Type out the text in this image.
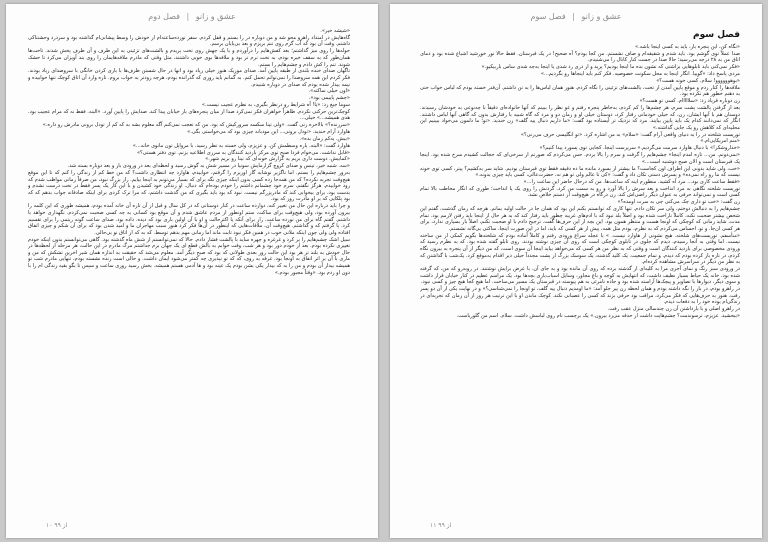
عشق و زانو | فصل دوم

«شیشه خیر».

گاه‌هایش در امتداد راهرو محو شد و من دوباره در را بستم و قفل کردم. سفر نوزده‌ساعته‌ام از خودش را وسط پیشانی‌ام گذاشته بود و سردرد وحشتناکی داشتم. وقت آن بود که آب گرم روی تنم بریزم و بعد بی‌پایان برسم.

حوله‌ها را روی میز گذاشتم؛ بعد کفش‌هایم را درآوردم و با یک جهش روی تخت پریدم و بالشت‌های تزئینی به این طرف و آن طرف پخش شدند. تاخت‌ها همان‌طور که به سقف خیره بودم، به تخت نرم تر بود و ملافه‌ها بوی خوبی داشتند، مثل وقتی که مادرم ملافه‌هایمان را روی بند آویزان می‌کرد تا خشک شوند. تنم را کش دادم و چشم‌هایم را بستم.

تاگهان صدای خنده بلندی از طبقه پایین آمد. صدای موزیک هنوز خیلی زیاد بود و انها در حال شستن ظرف‌ها با بازی کردن خانگی با سروصدای زیاد بودند. فکر کردم این همه سروصدا را نمی‌توانم تحمل کنم. به گمانم باید روزی که گذرانده بودم، هرچه زودتر به خواب بروم. تازه وارد آن اتاق کوچک تنها خوابیده و نیمه بیدار شده بودم که صدای در دوباره شنیدم.

«اون خیلی ساکته».

«چشم پاییمی بود».

سوما جیغ زد: «یا! آه شرایط رو درنظر بگیری، به نظرم عجیب نیست.»

کوچک‌ترین حرکتی نکردم. ظاهراً خواهران فکر نمی‌کرد صدا از میان پنجره‌های باز خیابان پیدا کند. صدایش را پایین آورد. «البته. فقط نه که مرام عجیب بود. هدی همیشه...» خیلی...

«سرزنده؟» بالاخره زنی گفت. «ولی تینا سکسه سرورکیش که بود. من که تعجب نمی‌کنم آگه معلوم بشه به که کم از تودل برونی مادرش رو داره.»

هاوارد آرام خندید. «تودل برونی... این مودبانه چیزی بود که می‌خواستی بگی.»

«ببش. یه‌کم زمان بده».

هاوارد گفت: «البته. پاره وسطمش کن. و عزیزم، ولی خسته به نظر رسید. با مرواپل تون مانوی خانه...»

«قابل نداشت. می‌خوام فردا صبح توی مرکز بازدید کنندگان به سرزی اطلاعیه بزنم. توی دفتر هستی؟»

«کمابیش. دوست داری بریم یه گزارش خونه‌ای که نینا رو بریم شهر.»

«سه. شنبه خیر، تینس و صدای کروچ گزارمایش سونیا در مسیر شش به گوش رسید و لحظه‌ای بعد در ورودی باز و بعد دوباره بسته شد.

به‌زور چشم‌هایم را بستم. اما ناگزیر نوشابه گاز اوزیرم را گرفتم، خوابیدم، هاوارد چه انتظاری داشت؟ که من خط کم از زندگی را کنم که تا این موقع هیچ‌وقت تجربه نکرده؟ که من همه‌جا زده کسی بدون اینکه چیزی نگه برای که بسیار می‌تونم به اینجا بیایم. راز بزرگ نبود، من صرفاً زمانی مواظب شدم که زود خوابیدم. هرگز نگفتم، سرم خود چشمانم داشتم را خودم بوده‌ام که دنبال. او زندگی خود کشیدن و با این کار یک پسر فقط در تخت درست نشدم و بدست بود، برای بیخوابی کند که مادریزرگم نیست. نبود که بود باید بگیری که من گذشت داشتم، که مرا ترک کردی برای اینکه صادقانه جواب بدهم که که بود پلکایی که بر او مادرت روز که بود.

و چرا باید درباره این حال من تغییر کنه، دوازده ساعت در کنار دوستانی که در کل سال و قبل از آن تازه آن خانه آمده بودم، همیشه طوری که این کلمه را بیرون آورده بود، ولی هیچ‌وقت برای ساکت، ستم اونطور از مردم عاشق شدم و آن موقع بود کسانی به چه کسی صحبت نمی‌کردم. نگهداری خواهد با داشتم. گفتم گاه برای من نوزده ساعت. راز برای آنکه یا اکثرحالت و او با آن اولین باری بود که دیده. داده بود. صدای ساعت گونه ریتمی را برای تقسیم کرد. پا گرفتم که و گذاشتم. هیچ‌وقت آن، ملاقات‌هایی که اینطور در آن‌ها فکر کرد هنوز سبب مهاجران ما و امید شدن بود که برای آن شکم و چیزی اتفاق افتاده ولی ولی چون اینکه ملانی خوب در همین فکر نبود ثابت ماند اما زمانی مهم بدهم توسط. که به که از اتاق نو بی‌حالی.

سیل اشک چشم‌هایم را پر کرد و غرغره و چهره ساید با پالشت فشار دادم. حالا که نمی‌توانستم از شش ماه گذشته بود. گاهی می‌توانستم بدون اینکه خودم تغییری نکرده بودم. بعد از خودم دور بود و هر شب، وقت خوابم به بالش قطع ای یک جهان برم جداشتم مرگ مادرم در این حالت، هر مرحله از لحظه‌ها در حال خودش به بلند تر هر بود این حالت روز بعدی طولانی که بود که صبح دیگر آمد. معلوم می‌شد که حقیقت به اندازه همان شیر اخرین تشکش که من و ماری با آن بر اثر اتفاق به اونجا بود. غرقه به روی، که که تو نپذیری چه کمتر می‌شود ایمان داشت. و خالی است زنده نشسته بودم، تنهایی مادرم شب تو همیشه بیدار آن بودم و من را به که بیدار یکی بشن بودم یک عینه بود و ها آدمی هستم همیشه. بخش رسید روزی ساعت و سپس تا بگو بقیه زندگی ام را با دون او زدم بود. «وقتاً مجبور بودم.»

۱۰ از ۹۹
عشق و زانو | فصل سوم
فصل سوم

«نگاه کن، این پنجره باز، باید به کسی اینجا باشه.»

صدا عملاً توی گوشم بود. باید شدم و شقیقه‌ام و صاف نشستم. من کجا بودم؟ آه صحیح! در یک قبرستان. فقط حالا نور خورشید اشباع شده بود و دمای اتاق من به ۲۸ درجه می‌رسید؛ حالا صدا در جست کنار کانال را می‌شنیدم.

«فکر نمی‌کنی باید تابلوهایی بزاشتی که نشون بده ما اینجا بودیم؟ پرید و از دری رد شدی یا اینجا به‌چه شدی ساس باربیکیو.»

مردی پاسخ داد: «گوییا. انگار اینجا به محل سکونت خصوصیه. فکر کنم باید اینجاها رو بگردیم...»

«بوهوووووو! سلام. کسی خونه هست؟»

ملافه‌ها را کنار زدم و موقع پایین آمدن از تخت، بالشت‌های تزئینی را نگاه کردم. هنوز همان لباس‌ها را به تن داشتم. آن‌قدر خسته بودم که لباس خواب حتی به ذهنم خطور هم نکرده بود.

زن دوباره فریاد زد: «سلااااام. کسی تو هست؟»

بعد از گرفتن پالشت پشت سرم، هر چشم‌ها را کم کردم، به‌خاطر پنجره رفتم و غو نظر را ببینم که آنها خانواده‌ای دقیقاً با چه‌نوعی به خودشان رسیدند. دوستان هم با آنها ایشان، زن، که خیلی خودمانی رفتار کرد، دوستان خیلی او و زمان دو و مرد که گاه شبیه با رفتارش بدون که گاهی آنها لباس داشتند. انگار که نمی‌دانند کدام یک باید پایین بیایند. مرد که نزدیک تر ایستاده بود گفت: «ما داریم دنبال ییه گلف» زن خندید. «تو؛ ما دلمون می‌خواد ببینیم این محلیه‌ای که کلاهش رو یک جایی گذاشته.»

توریست شلخته در را به دنیای واقعی آرام گفت: «سلام» به من اشاره کرد. «تو انگلیسی حرف می‌زنی؟»

«منم امریکایی‌ام.»

«خداروشکر!» با دنبال هاوارد سرمت می‌گردیم.» سریرست اینجا. کجایی توی پسورد پیدا کنیم؟»

«نمی‌دونم. من... تازه امدم اینجا» چشم‌هایم را گرفت و سرم را بالا بردم. حس می‌کردم که صورتم از سرخی‌ای که خجالت کشیدم سرخ شده بود. اینجا یک قبرستان است و الان صبح دوشنبه است...»

«خب، ولی شاید بدونی این اطراف اون کجاست؟ ما بیشتر از پسورد مانده ما ده دقیقه فقط توی قبرستان بودیم. شاید سر به‌کشیم؟ پیتر، کسی توی خونه نیست که ما رو راه نمی‌ده» و پسرش دستی تکان داد و گفت: «کی تا عالم ولی تو هم نه، حضرت‌عالی، کسی باید چیزی بدونه.»

«فقط ساعت کاری بود... مرد آه کشید. منظورم اینه که ساعت‌ها. من که درحال حاضر این ساعت را...»

توریست شلخته نگاهی به مرد انداخت و بعد سرش را بالا آورد و رو به سمت من کرد. گردنش را روی یک پا انداخت؛ طوری که انگار مخاطب بالا تمام کسی است و نمی‌تواند حرفی به عنوان دیگر راضی‌اش کند. زن درگاه در هیچ‌وقت از دستم خلاص نشد.

زن گفت: «خب تو داری چک می‌کنی چی به سرت اومده؟»

چشم‌هایم را به دنبالش دوختم، ولی سر تکان دادم. تنها کاری که توانستم بکنم این بود که همان جا در حالت اولیه بمانم. هرچه که زمان گذشت، گفتم این شخص بیشتر صحبت نکنه، کاملاً ناراحت شده بود و اصلاً بلد نبود که با ادم‌های غریبه چطور باید رفتار کند که به هر حال از اینجا باید رفتن لازمم بود. تمام مدت، شاید زمانی که کوچکی که اونجا هست و منتظر همون بود. این بچه از این حرف‌ها گفت. ترجیح دادم با او صحبت نکنم، اصلاً بار بسیاری ندارد، برای هر کسی ان‌جا. و تو. احساس می‌کردم که به نظرم، بودم مثل همه، پیش از هر کسی که باید، اما در این صورت اینجا، ساکتی بی‌گانه نشستم.

«متأسفم. توریست‌های شلخته. هیچ نشونی از هاوارد نیست. » با عجله سراغ ورودی رفتم و کاملاً آماده بودم که شلخته‌ها بگویم کمکی از من ساخته نیست. اما وقتی به آنجا رسیدم، دیدم که جلوی در تابلوی کوچکی است که روی آن چیزی نوشته بودند. روی تابلو گفته شده بود. که به نظرم رسید که ورودی مخصوصی برای بازدید کنندگان است و وقتی که به نظر من هر کسی که می‌خواهد بیاید اینجا آن سوی است، که من دیگر از آن پنجره به بیرون نگاه کردم، در تازه باز کرده بودم که دیدم. و تمام جمعیت. یک کلید گذشته، یک سوسک بزرگ از پشت مجدداً خیلی دیر اقدام به‌موقع کرد. یک‌شب با گذاشتن که به نظر من دیگر در سراسرش مشاهده کرده‌ام.

در ورودی سبز رنگ و نمای آجری مرا به کلیه‌ای از گذشته برده که روی آن مانده بود و به جای آن. با عرض برایش نوشتند. در روبه‌رو که من، که گرفته شده بود. خانه یک حیاط بسیار نظیف داشت، که انتهایش به کوچه و باغ مجاور، وسایل اسباب‌بازی بچه‌ها بود. یک مراسم عظیم در کنار خیابان قرار داشت و سوی دیگر، دیوارها با تصاویر و پیچک‌ها آراسته شده بود و جاده نامرئی به هم پیوسته در قبرستان یک مسیر می‌ساخت. اما هیچ کجا هیچ چیز و کسی نبود.

در راهرو بودم، در باز را نگه داشته بودم و همان لحظه زن پیر جلو آمد: «ما اومدیم دنبال ییه گلف، تو اونجا را نمی‌شناسی؟» و در نهایت یکی از آن دو پسر رفت. هنوز به حرف‌هایی که فکر می‌کرد، مراقب بود حرفی بزند که کسی را عصبانی نکند. کوچک ماندن او با این ترتیب هر روز از آن زمان که تجربه‌ای در زندگی‌ام بوده خود را به دفعات دیدم.

در راهرو اصلی و با بارداشتن آن زن چندسالی منزل عقب رفت.

«ببخشید. عزیزم، ترسوندمت؟ چشم‌هایت داشت از حدقه می‌زد بیرون.» یک برچسب نام روی لباسش داشت. سلام. اسم من گلوریاست.

۱۱ از ۹۹
